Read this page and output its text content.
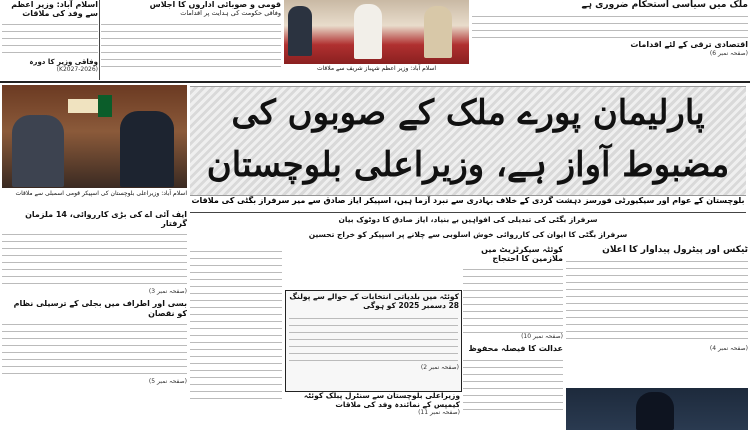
اسلام آباد: وزیر اعظم سے وفد کی ملاقات
وفاقی وزیر کا دورہ
(K2027-2026)
قومی و صوبائی اداروں کا اجلاس
وفاقی حکومت کی ہدایت پر اقدامات
اسلام آباد: وزیر اعظم شہباز شریف سے ملاقات
ملک میں سیاسی استحکام ضروری ہے
اقتصادی ترقی کے لئے اقدامات
(صفحہ نمبر 6)
اسلام آباد: وزیراعلی بلوچستان کی اسپیکر قومی اسمبلی سے ملاقات
پارلیمان پورے ملک کے صوبوں کی مضبوط آواز ہے، وزیراعلی بلوچستان
بلوچستان کے عوام اور سیکیورٹی فورسز دہشت گردی کے خلاف بہادری سے نبرد آزما ہیں، اسپیکر ایاز صادق سے میر سرفراز بگٹی کی ملاقات
ایف آئی اے کی بڑی کارروائی، 14 ملزمان گرفتار
(صفحہ نمبر 3)
بسی اور اطراف میں بجلی کے ترسیلی نظام کو نقصان
(صفحہ نمبر 5)
سرفراز بگٹی کی تبدیلی کی افواہیں بے بنیاد، ایاز صادق کا دوٹوک بیان
سرفراز بگٹی کا ایوان کی کارروائی خوش اسلوبی سے چلانے پر اسپیکر کو خراج تحسین
کوئٹہ میں بلدیاتی انتخابات کے حوالے سے پولنگ 28 دسمبر 2025 کو ہوگی
(صفحہ نمبر 2)
وزیراعلی بلوچستان سے سنٹرل پبلک کوئٹہ کیمپس کے نمائندہ وفد کی ملاقات
(صفحہ نمبر 11)
کوئٹہ سیکرٹریٹ میں ملازمین کا احتجاج
(صفحہ نمبر 10)
عدالت کا فیصلہ محفوظ
ٹیکس اور پیٹرول پیداوار کا اعلان
(صفحہ نمبر 4)
